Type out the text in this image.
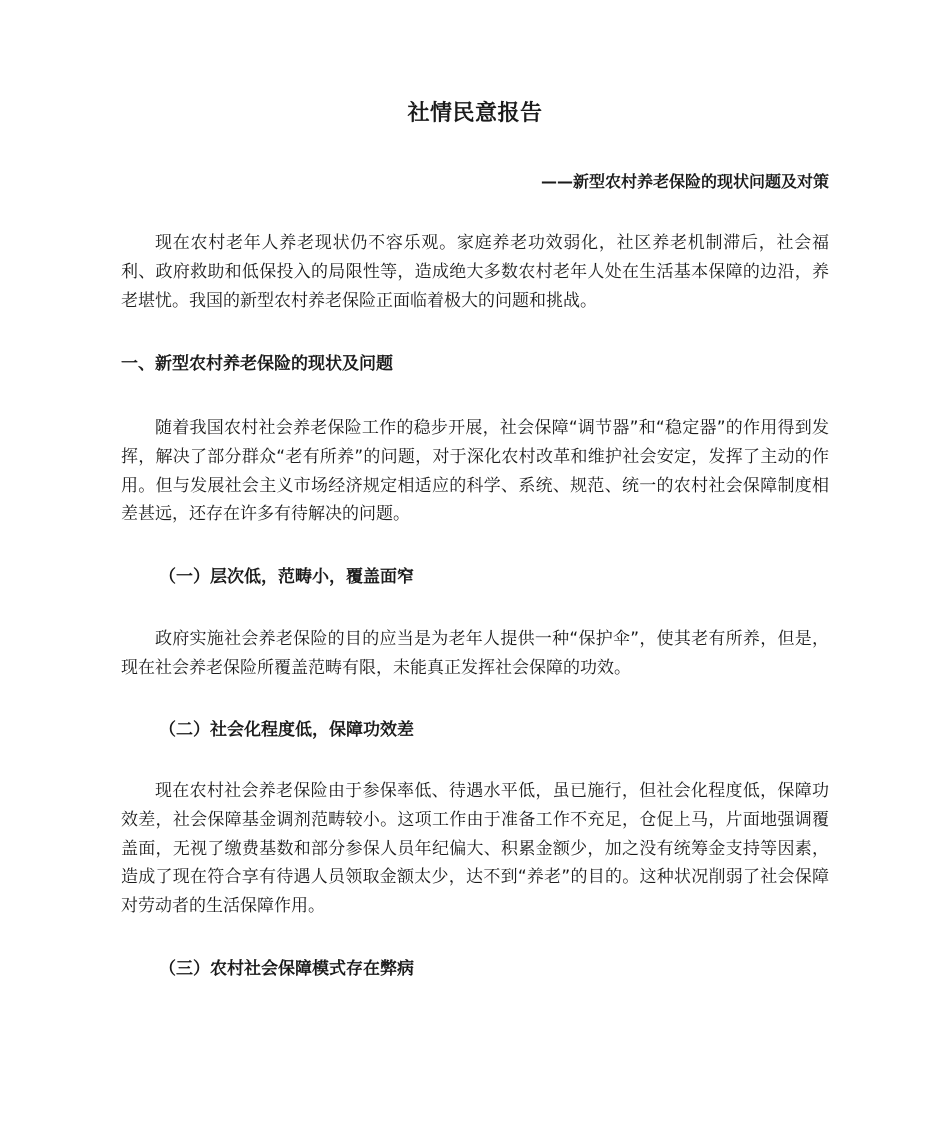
社情民意报告
——新型农村养老保险的现状问题及对策

现在农村老年人养老现状仍不容乐观。家庭养老功效弱化，社区养老机制滞后，社会福利、政府救助和低保投入的局限性等，造成绝大多数农村老年人处在生活基本保障的边沿，养老堪忧。我国的新型农村养老保险正面临着极大的问题和挑战。

一、新型农村养老保险的现状及问题

随着我国农村社会养老保险工作的稳步开展，社会保障“调节器”和“稳定器”的作用得到发挥，解决了部分群众“老有所养”的问题，对于深化农村改革和维护社会安定，发挥了主动的作用。但与发展社会主义市场经济规定相适应的科学、系统、规范、统一的农村社会保障制度相差甚远，还存在许多有待解决的问题。

（一）层次低，范畴小，覆盖面窄

政府实施社会养老保险的目的应当是为老年人提供一种“保护伞”，使其老有所养，但是，现在社会养老保险所覆盖范畴有限，未能真正发挥社会保障的功效。

（二）社会化程度低，保障功效差

现在农村社会养老保险由于参保率低、待遇水平低，虽已施行，但社会化程度低，保障功效差，社会保障基金调剂范畴较小。这项工作由于准备工作不充足，仓促上马，片面地强调覆盖面，无视了缴费基数和部分参保人员年纪偏大、积累金额少，加之没有统筹金支持等因素，造成了现在符合享有待遇人员领取金额太少，达不到“养老”的目的。这种状况削弱了社会保障对劳动者的生活保障作用。

（三）农村社会保障模式存在弊病
